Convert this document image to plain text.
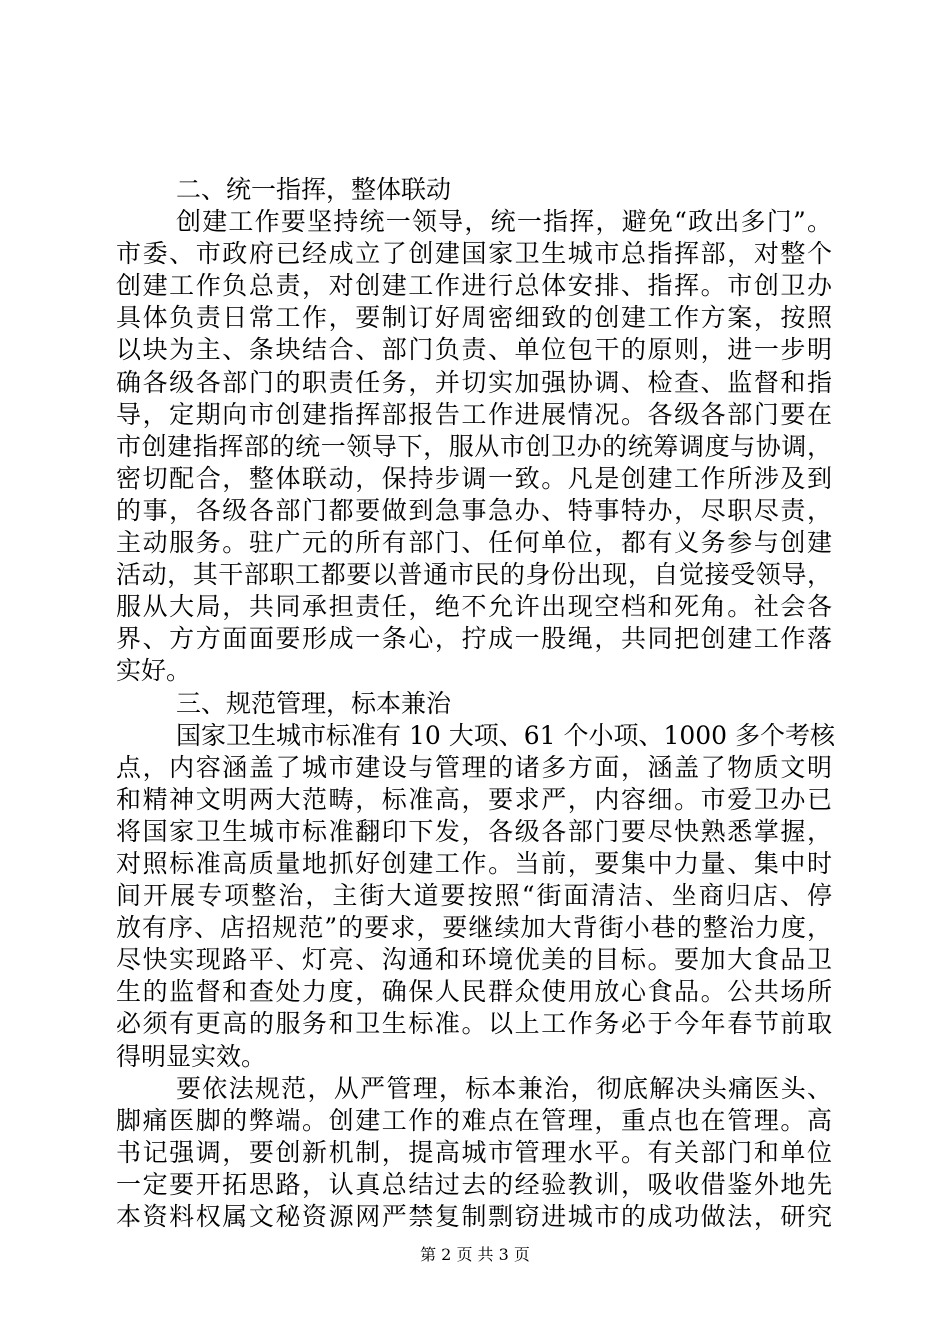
二、统一指挥，整体联动
创建工作要坚持统一领导，统一指挥，避免“政出多门”。
市委、市政府已经成立了创建国家卫生城市总指挥部，对整个
创建工作负总责，对创建工作进行总体安排、指挥。市创卫办
具体负责日常工作，要制订好周密细致的创建工作方案，按照
以块为主、条块结合、部门负责、单位包干的原则，进一步明
确各级各部门的职责任务，并切实加强协调、检查、监督和指
导，定期向市创建指挥部报告工作进展情况。各级各部门要在
市创建指挥部的统一领导下，服从市创卫办的统筹调度与协调，
密切配合，整体联动，保持步调一致。凡是创建工作所涉及到
的事，各级各部门都要做到急事急办、特事特办，尽职尽责，
主动服务。驻广元的所有部门、任何单位，都有义务参与创建
活动，其干部职工都要以普通市民的身份出现，自觉接受领导，
服从大局，共同承担责任，绝不允许出现空档和死角。社会各
界、方方面面要形成一条心，拧成一股绳，共同把创建工作落
实好。
三、规范管理，标本兼治
国家卫生城市标准有 10 大项、61 个小项、1000 多个考核
点，内容涵盖了城市建设与管理的诸多方面，涵盖了物质文明
和精神文明两大范畴，标准高，要求严，内容细。市爱卫办已
将国家卫生城市标准翻印下发，各级各部门要尽快熟悉掌握，
对照标准高质量地抓好创建工作。当前，要集中力量、集中时
间开展专项整治，主街大道要按照“街面清洁、坐商归店、停
放有序、店招规范”的要求，要继续加大背街小巷的整治力度，
尽快实现路平、灯亮、沟通和环境优美的目标。要加大食品卫
生的监督和查处力度，确保人民群众使用放心食品。公共场所
必须有更高的服务和卫生标准。以上工作务必于今年春节前取
得明显实效。
要依法规范，从严管理，标本兼治，彻底解决头痛医头、
脚痛医脚的弊端。创建工作的难点在管理，重点也在管理。高
书记强调，要创新机制，提高城市管理水平。有关部门和单位
一定要开拓思路，认真总结过去的经验教训，吸收借鉴外地先
本资料权属文秘资源网严禁复制剽窃进城市的成功做法，研究
第 2 页 共 3 页
